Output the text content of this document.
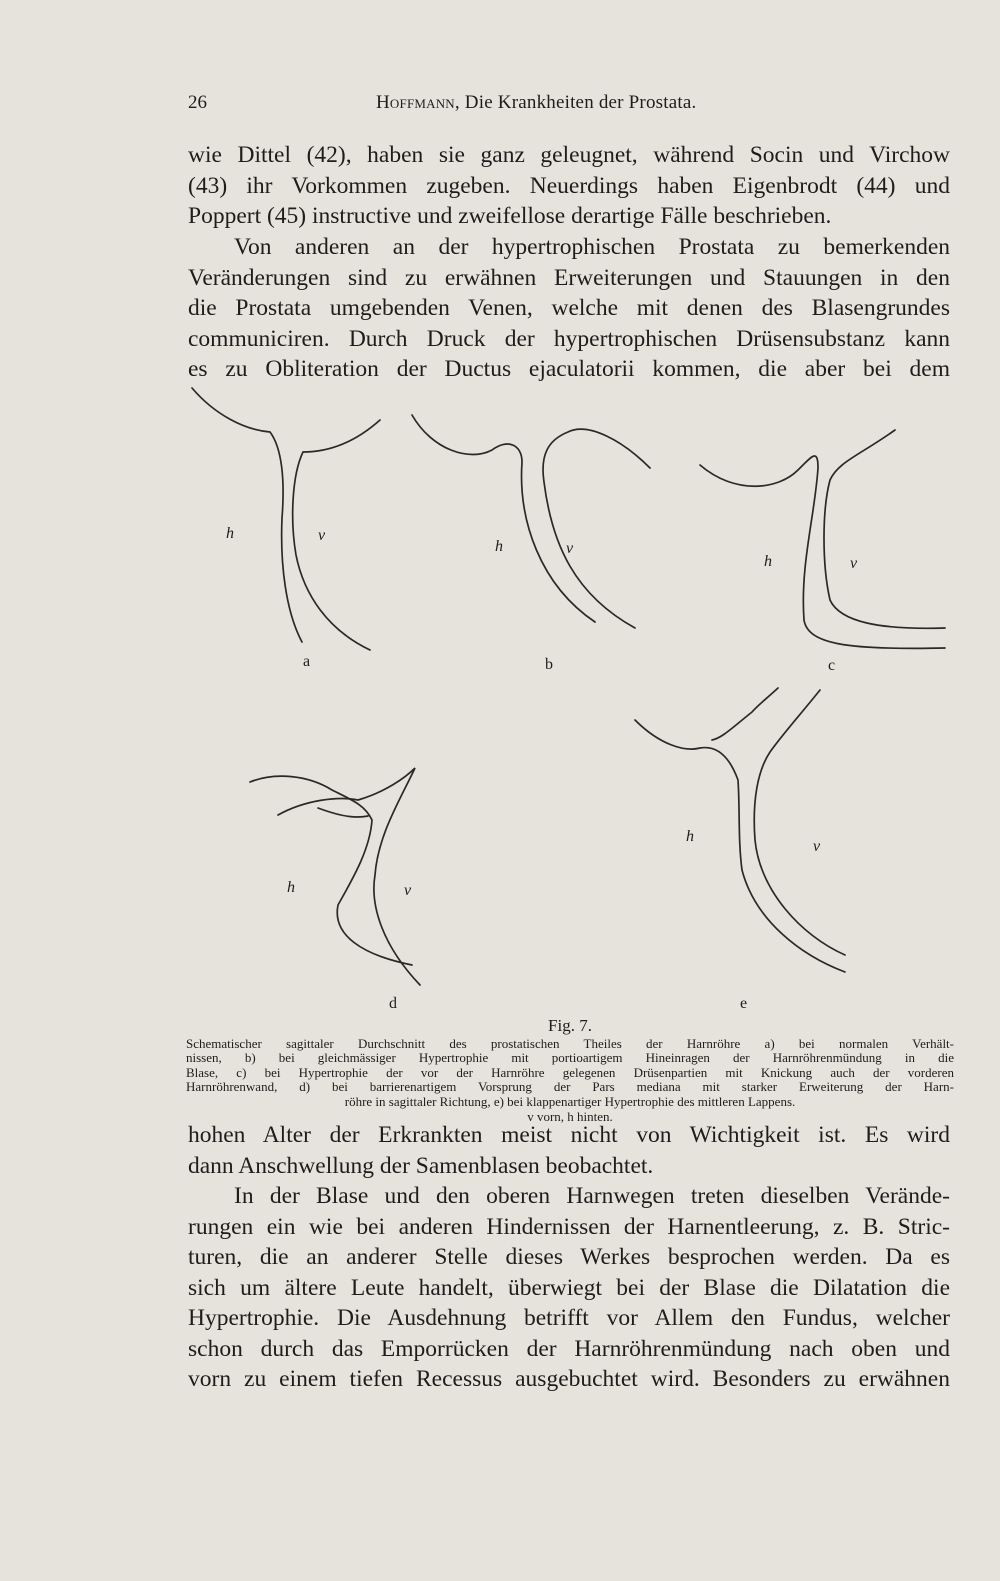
26	Hoffmann, Die Krankheiten der Prostata.
wie Dittel (42), haben sie ganz geleugnet, während Socin und Virchow
(43) ihr Vorkommen zugeben. Neuerdings haben Eigenbrodt (44) und
Poppert (45) instructive und zweifellose derartige Fälle beschrieben.
Von anderen an der hypertrophischen Prostata zu bemerkenden
Veränderungen sind zu erwähnen Erweiterungen und Stauungen in den
die Prostata umgebenden Venen, welche mit denen des Blasengrundes
communiciren. Durch Druck der hypertrophischen Drüsensubstanz kann
es zu Obliteration der Ductus ejaculatorii kommen, die aber bei dem
h	v
a
h	v
b
h	v
c
h	v
d
h
v
e
Fig. 7.
Schematischer sagittaler Durchschnitt des prostatischen Theiles der Harnröhre a) bei normalen Verhält-
nissen, b) bei gleichmässiger Hypertrophie mit portioartigem Hineinragen der Harnröhrenmündung in die
Blase, c) bei Hypertrophie der vor der Harnröhre gelegenen Drüsenpartien mit Knickung auch der vorderen
Harnröhrenwand, d) bei barrierenartigem Vorsprung der Pars mediana mit starker Erweiterung der Harn-
röhre in sagittaler Richtung, e) bei klappenartiger Hypertrophie des mittleren Lappens.
v vorn, h hinten.
hohen Alter der Erkrankten meist nicht von Wichtigkeit ist. Es wird
dann Anschwellung der Samenblasen beobachtet.
In der Blase und den oberen Harnwegen treten dieselben Verände-
rungen ein wie bei anderen Hindernissen der Harnentleerung, z. B. Stric-
turen, die an anderer Stelle dieses Werkes besprochen werden. Da es
sich um ältere Leute handelt, überwiegt bei der Blase die Dilatation die
Hypertrophie. Die Ausdehnung betrifft vor Allem den Fundus, welcher
schon durch das Emporrücken der Harnröhrenmündung nach oben und
vorn zu einem tiefen Recessus ausgebuchtet wird. Besonders zu erwähnen
